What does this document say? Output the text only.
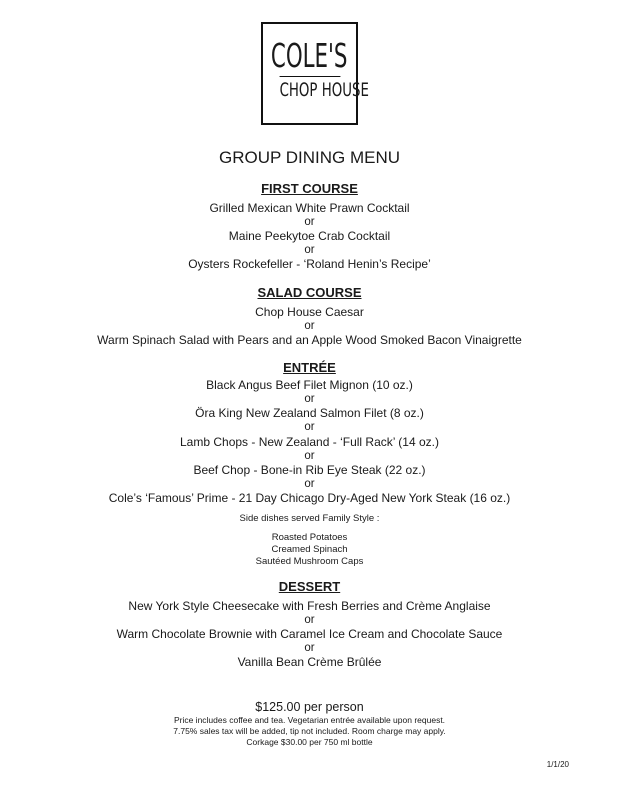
COLE'S
CHOP HOUSE
GROUP DINING MENU
FIRST COURSE
Grilled Mexican White Prawn Cocktail
or
Maine Peekytoe Crab Cocktail
or
Oysters Rockefeller - ‘Roland Henin’s Recipe’
SALAD COURSE
Chop House Caesar
or
Warm Spinach Salad with Pears and an Apple Wood Smoked Bacon Vinaigrette
ENTRÉE
Black Angus Beef Filet Mignon (10 oz.)
or
Öra King New Zealand Salmon Filet (8 oz.)
or
Lamb Chops - New Zealand - ‘Full Rack’ (14 oz.)
or
Beef Chop - Bone-in Rib Eye Steak (22 oz.)
or
Cole’s ‘Famous’ Prime - 21 Day Chicago Dry-Aged New York Steak (16 oz.)
Side dishes served Family Style :
Roasted Potatoes
Creamed Spinach
Sautéed Mushroom Caps
DESSERT
New York Style Cheesecake with Fresh Berries and Crème Anglaise
or
Warm Chocolate Brownie with Caramel Ice Cream and Chocolate Sauce
or
Vanilla Bean Crème Brûlée
$125.00 per person
Price includes coffee and tea. Vegetarian entrée available upon request.
7.75% sales tax will be added, tip not included. Room charge may apply.
Corkage $30.00 per 750 ml bottle
1/1/20
